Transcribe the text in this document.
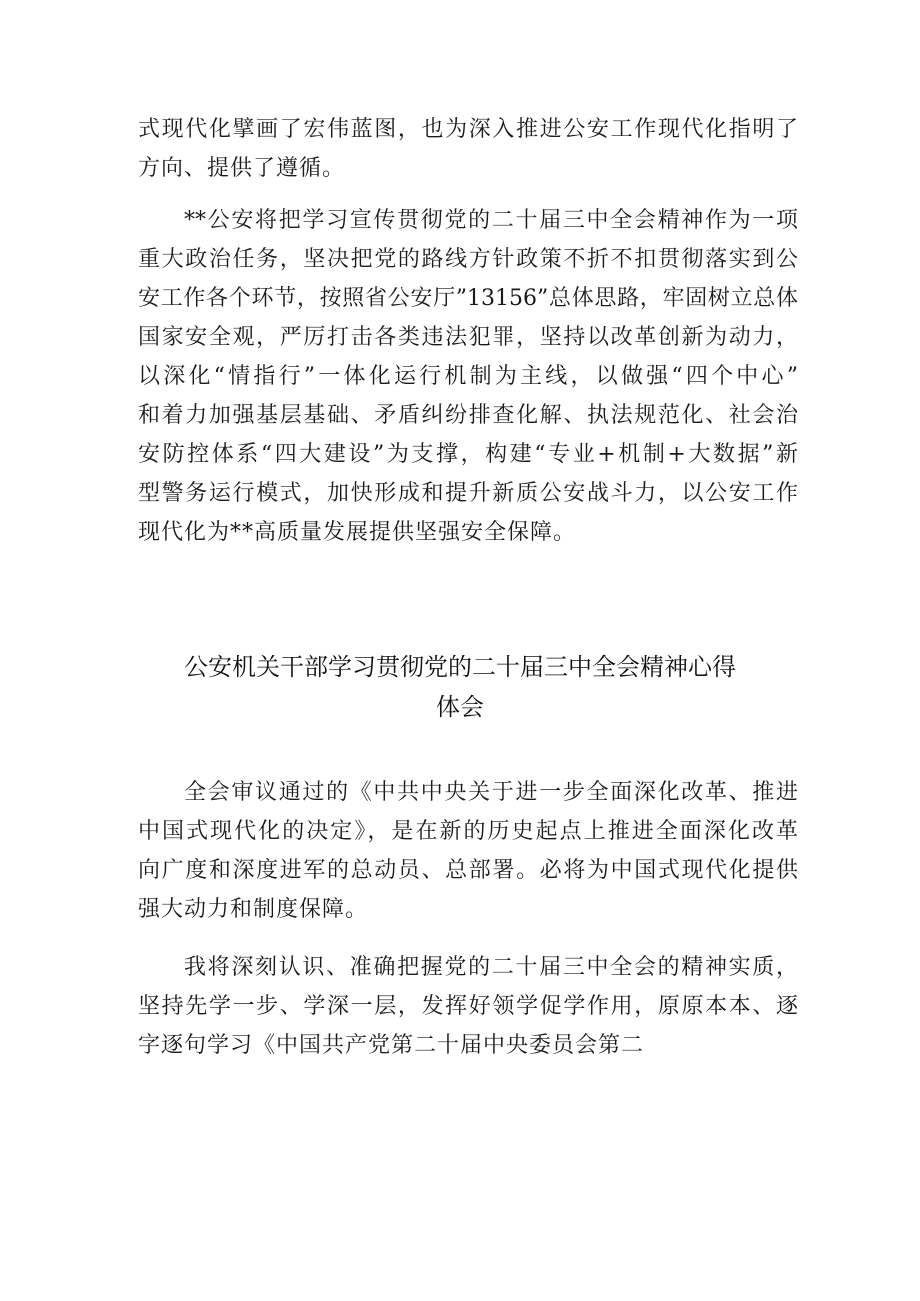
式现代化擘画了宏伟蓝图，也为深入推进公安工作现代化指明了
方向、提供了遵循。
**公安将把学习宣传贯彻党的二十届三中全会精神作为一项
重大政治任务，坚决把党的路线方针政策不折不扣贯彻落实到公
安工作各个环节，按照省公安厅”13156”总体思路，牢固树立总体
国家安全观，严厉打击各类违法犯罪，坚持以改革创新为动力，
以深化“情指行”一体化运行机制为主线，以做强“四个中心”
和着力加强基层基础、矛盾纠纷排查化解、执法规范化、社会治
安防控体系“四大建设”为支撑，构建“专业+机制+大数据”新
型警务运行模式，加快形成和提升新质公安战斗力，以公安工作
现代化为**高质量发展提供坚强安全保障。
公安机关干部学习贯彻党的二十届三中全会精神心得
体会
全会审议通过的《中共中央关于进一步全面深化改革、推进
中国式现代化的决定》，是在新的历史起点上推进全面深化改革
向广度和深度进军的总动员、总部署。必将为中国式现代化提供
强大动力和制度保障。
我将深刻认识、准确把握党的二十届三中全会的精神实质，
坚持先学一步、学深一层，发挥好领学促学作用，原原本本、逐
字逐句学习《中国共产党第二十届中央委员会第二
